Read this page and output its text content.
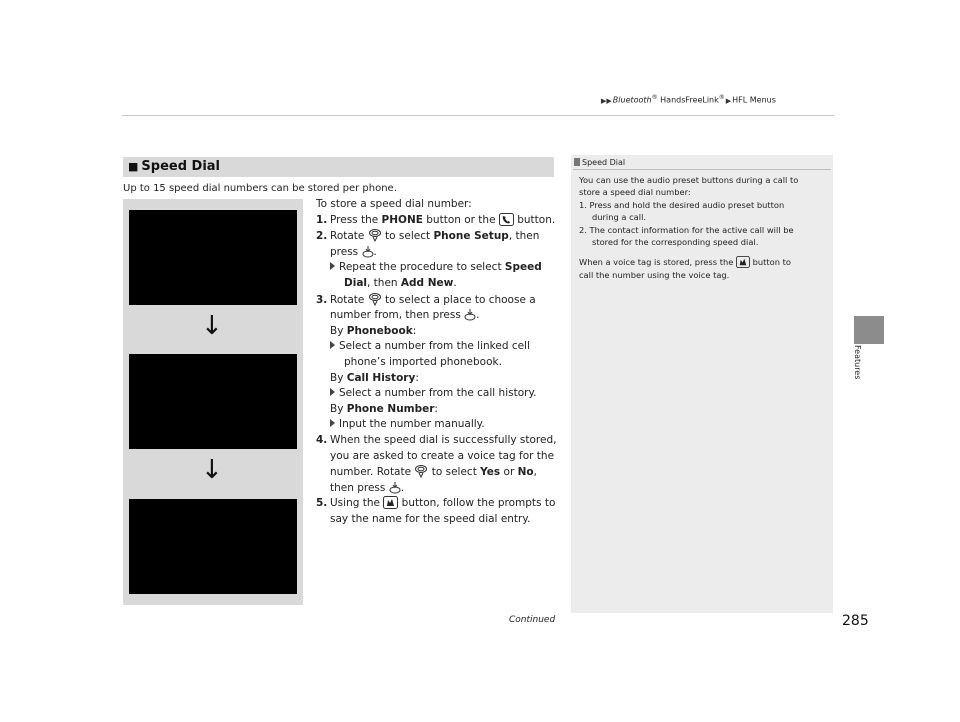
▶▶Bluetooth® HandsFreeLink®▶HFL Menus
Features
■ Speed Dial
Up to 15 speed dial numbers can be stored per phone.
↓
↓
To store a speed dial number:
1. Press the PHONE button or the  button.
2. Rotate  to select Phone Setup, then
press .
Repeat the procedure to select Speed
Dial, then Add New.
3. Rotate  to select a place to choose a
number from, then press .
By Phonebook:
Select a number from the linked cell
phone’s imported phonebook.
By Call History:
Select a number from the call history.
By Phone Number:
Input the number manually.
4. When the speed dial is successfully stored,
you are asked to create a voice tag for the
number. Rotate  to select Yes or No,
then press .
5. Using the  button, follow the prompts to
say the name for the speed dial entry.
Speed Dial
You can use the audio preset buttons during a call to
store a speed dial number:
1. Press and hold the desired audio preset button
during a call.
2. The contact information for the active call will be
stored for the corresponding speed dial.
When a voice tag is stored, press the  button to
call the number using the voice tag.
Continued	285
